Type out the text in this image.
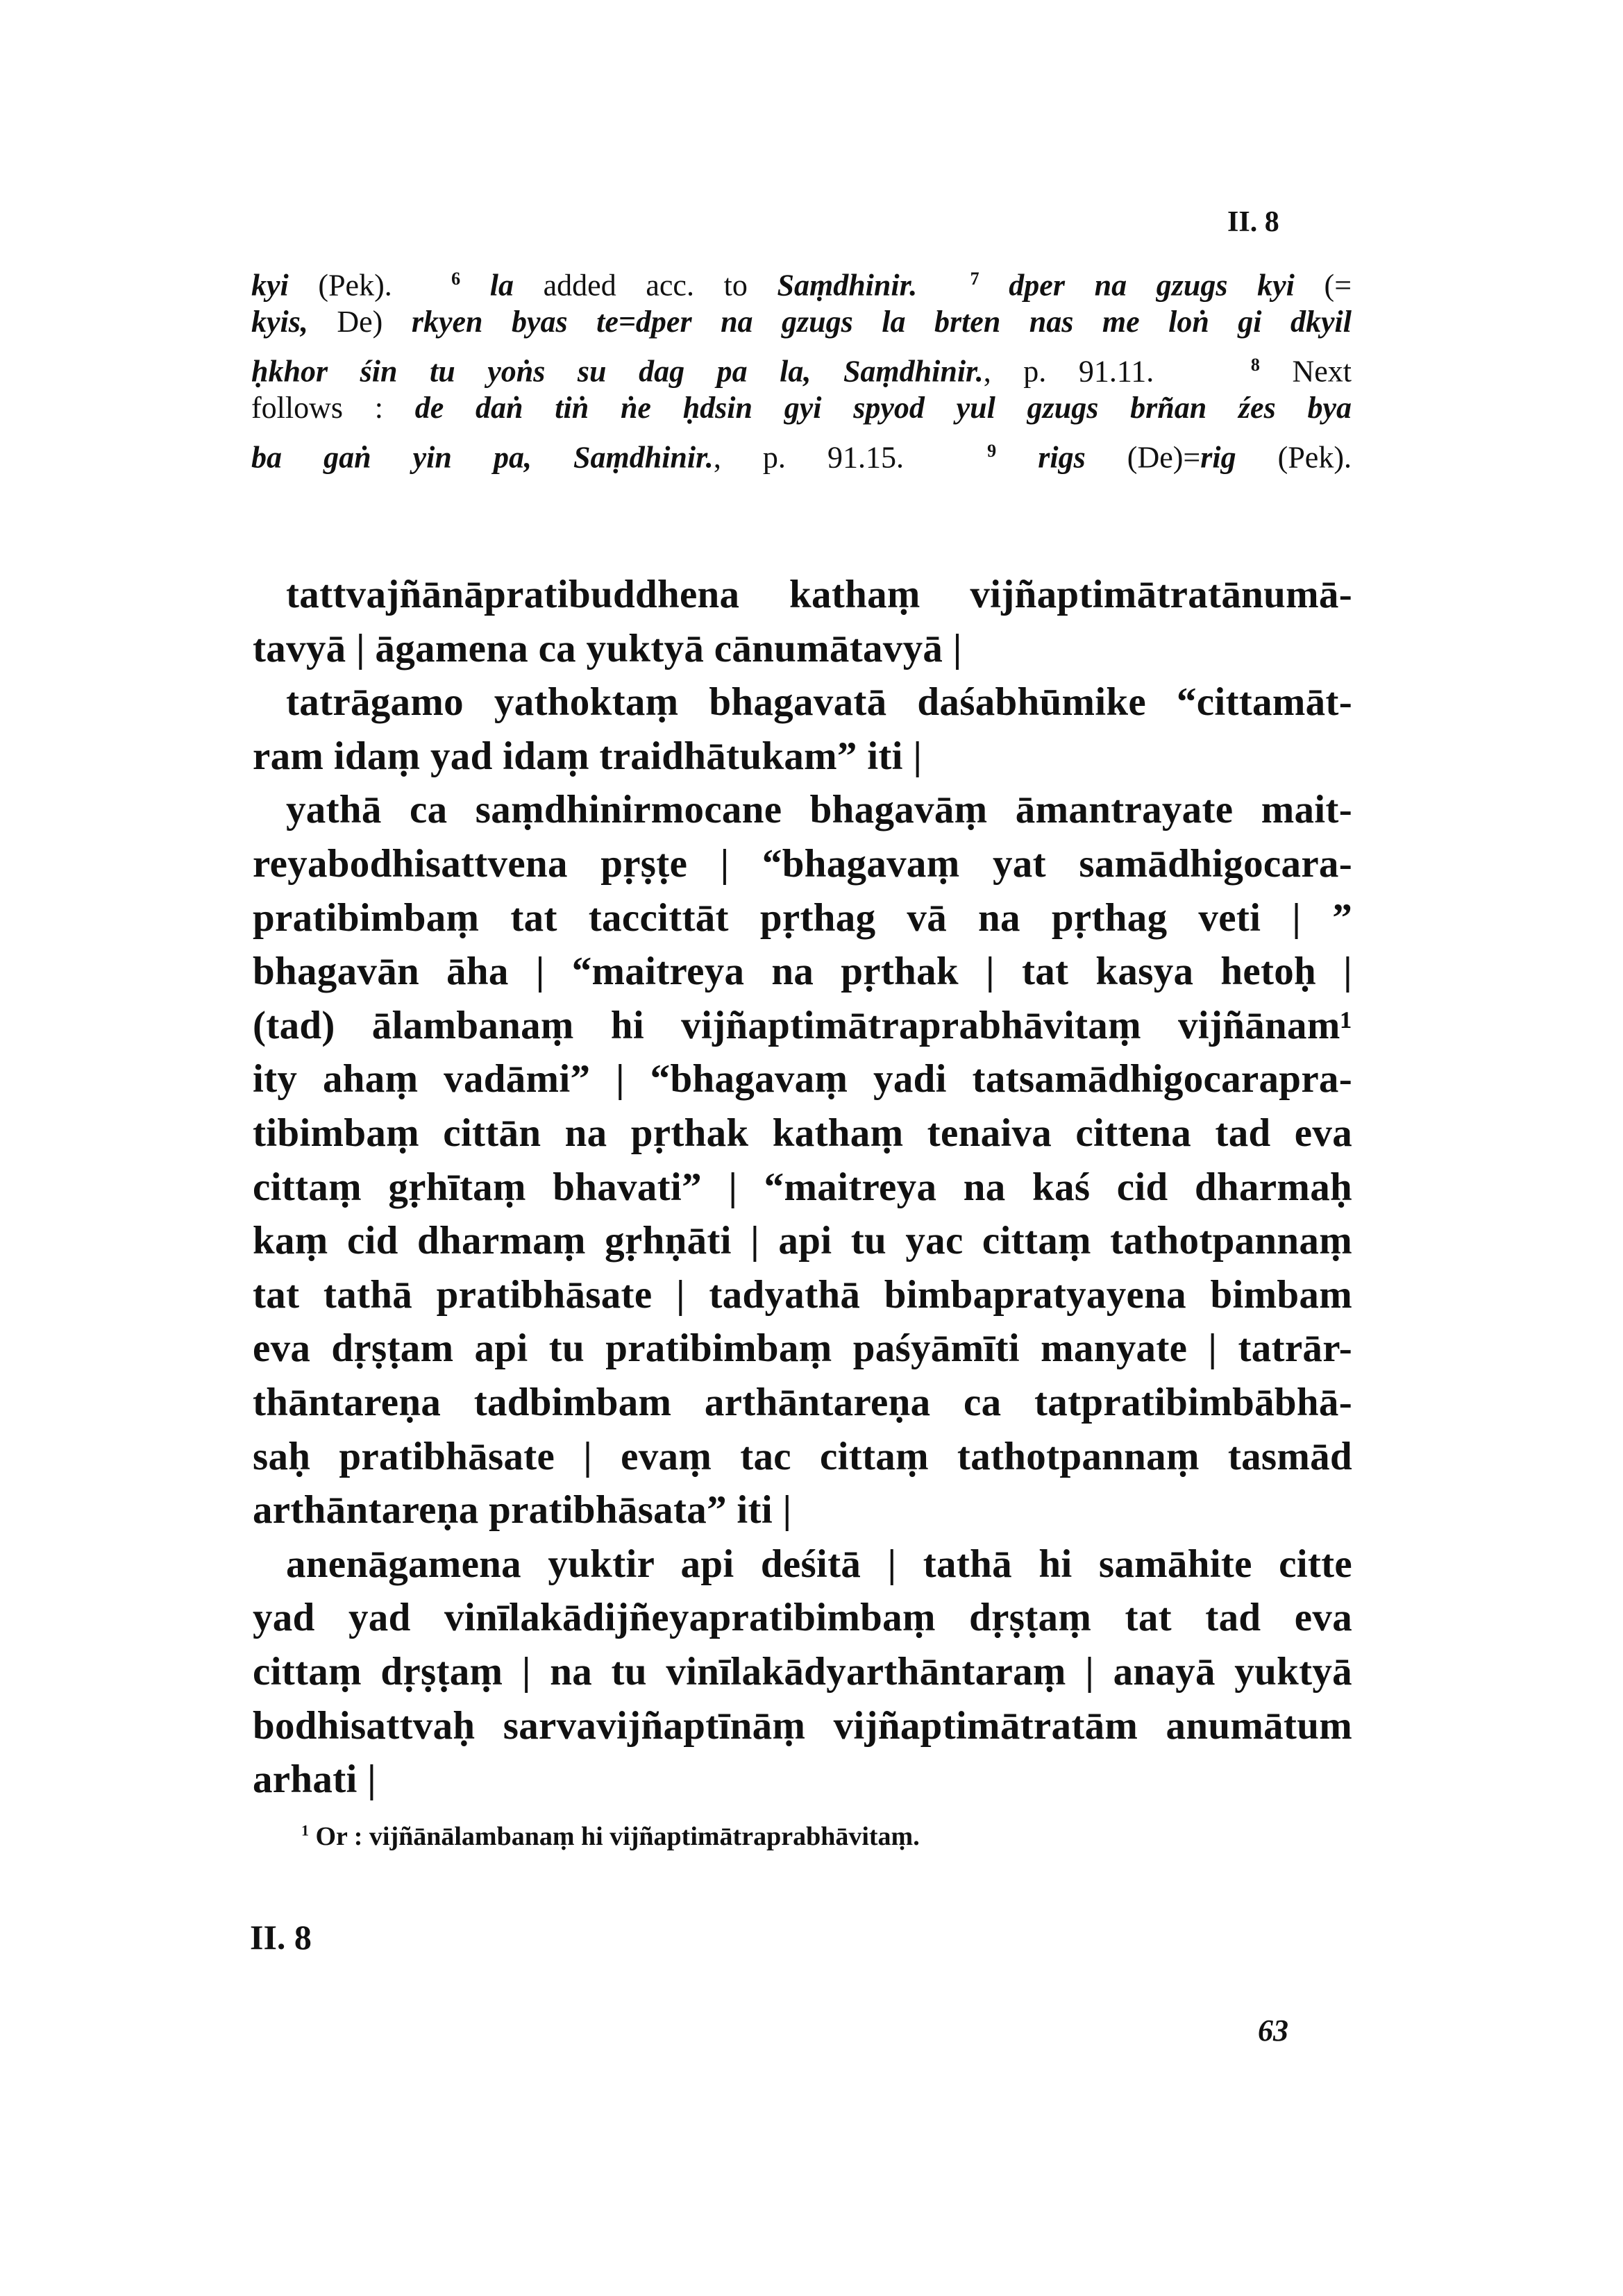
II. 8
kyi (Pek).  $^6$ la added acc. to Saṃdhinir.  $^7$ dper na gzugs kyi (=
kyis, De) rkyen byas te=dper na gzugs la brten nas me loṅ gi dkyil
ḥkhor śin tu yoṅs su dag pa la, Saṃdhinir., p. 91.11.   $^8$ Next
follows : de daṅ tiṅ ṅe ḥdsin gyi spyod yul gzugs brñan źes bya
ba gaṅ yin pa, Saṃdhinir., p. 91.15.  $^9$ rigs (De)=rig (Pek).
tattvajñānāpratibuddhena kathaṃ vijñaptimātratānumā-
tavyā | āgamena ca yuktyā cānumātavyā |
tatrāgamo yathoktaṃ bhagavatā daśabhūmike “cittamāt-
ram idaṃ yad idaṃ traidhātukam” iti |
yathā ca saṃdhinirmocane bhagavāṃ āmantrayate mait-
reyabodhisattvena pṛṣṭe | “bhagavaṃ yat samādhigocara-
pratibimbaṃ tat taccittāt pṛthag vā na pṛthag veti | ”
bhagavān āha | “maitreya na pṛthak | tat kasya hetoḥ |
(tad) ālambanaṃ hi vijñaptimātraprabhāvitaṃ vijñānam¹
ity ahaṃ vadāmi” | “bhagavaṃ yadi tatsamādhigocarapra-
tibimbaṃ cittān na pṛthak kathaṃ tenaiva cittena tad eva
cittaṃ gṛhītaṃ bhavati” | “maitreya na kaś cid dharmaḥ
kaṃ cid dharmaṃ gṛhṇāti | api tu yac cittaṃ tathotpannaṃ
tat tathā pratibhāsate | tadyathā bimbapratyayena bimbam
eva dṛṣṭam api tu pratibimbaṃ paśyāmīti manyate | tatrār-
thāntareṇa tadbimbam arthāntareṇa ca tatpratibimbābhā-
saḥ pratibhāsate | evaṃ tac cittaṃ tathotpannaṃ tasmād
arthāntareṇa pratibhāsata” iti |
anenāgamena yuktir api deśitā | tathā hi samāhite citte
yad yad vinīlakādijñeyapratibimbaṃ dṛṣṭaṃ tat tad eva
cittaṃ dṛṣṭaṃ | na tu vinīlakādyarthāntaraṃ | anayā yuktyā
bodhisattvaḥ sarvavijñaptīnāṃ vijñaptimātratām anumātum
arhati |
$^1$ Or : vijñānālambanaṃ hi vijñaptimātraprabhāvitaṃ.
II. 8
63
